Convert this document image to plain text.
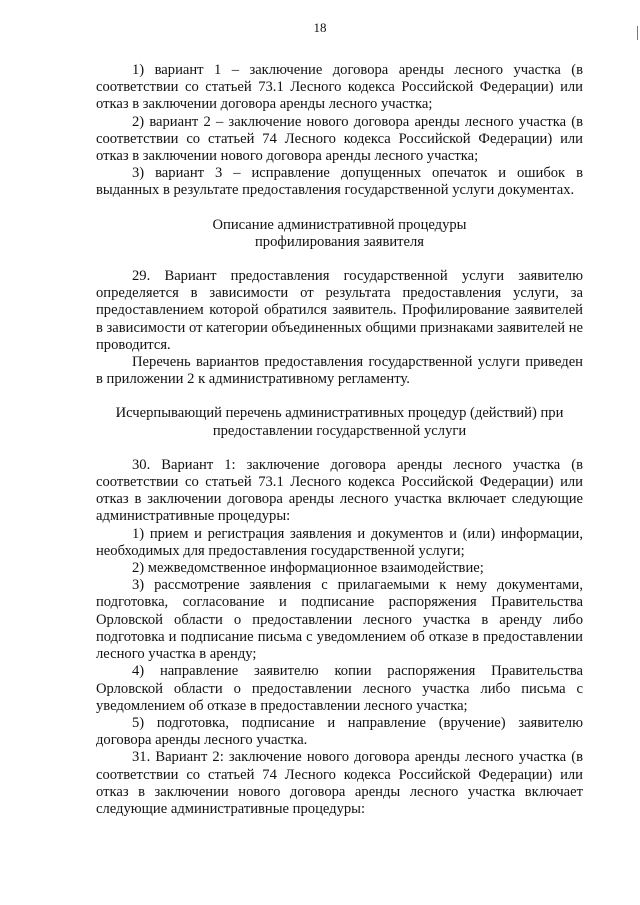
18

1) вариант 1 – заключение договора аренды лесного участка (в соответствии со статьей 73.1 Лесного кодекса Российской Федерации) или отказ в заключении договора аренды лесного участка;

2) вариант 2 – заключение нового договора аренды лесного участка (в соответствии со статьей 74 Лесного кодекса Российской Федерации) или отказ в заключении нового договора аренды лесного участка;

3) вариант 3 – исправление допущенных опечаток и ошибок в выданных в результате предоставления государственной услуги документах.

Описание административной процедуры

профилирования заявителя

29. Вариант предоставления государственной услуги заявителю определяется в зависимости от результата предоставления услуги, за предоставлением которой обратился заявитель. Профилирование заявителей в зависимости от категории объединенных общими признаками заявителей не проводится.

Перечень вариантов предоставления государственной услуги приведен в приложении 2 к административному регламенту.

Исчерпывающий перечень административных процедур (действий) при

предоставлении государственной услуги

30. Вариант 1: заключение договора аренды лесного участка (в соответствии со статьей 73.1 Лесного кодекса Российской Федерации) или отказ в заключении договора аренды лесного участка включает следующие административные процедуры:

1) прием и регистрация заявления и документов и (или) информации, необходимых для предоставления государственной услуги;

2) межведомственное информационное взаимодействие;

3) рассмотрение заявления с прилагаемыми к нему документами, подготовка, согласование и подписание распоряжения Правительства Орловской области о предоставлении лесного участка в аренду либо подготовка и подписание письма с уведомлением об отказе в предоставлении лесного участка в аренду;

4) направление заявителю копии распоряжения Правительства Орловской области о предоставлении лесного участка либо письма с уведомлением об отказе в предоставлении лесного участка;

5) подготовка, подписание и направление (вручение) заявителю договора аренды лесного участка.

31. Вариант 2: заключение нового договора аренды лесного участка (в соответствии со статьей 74 Лесного кодекса Российской Федерации) или отказ в заключении нового договора аренды лесного участка включает следующие административные процедуры:
